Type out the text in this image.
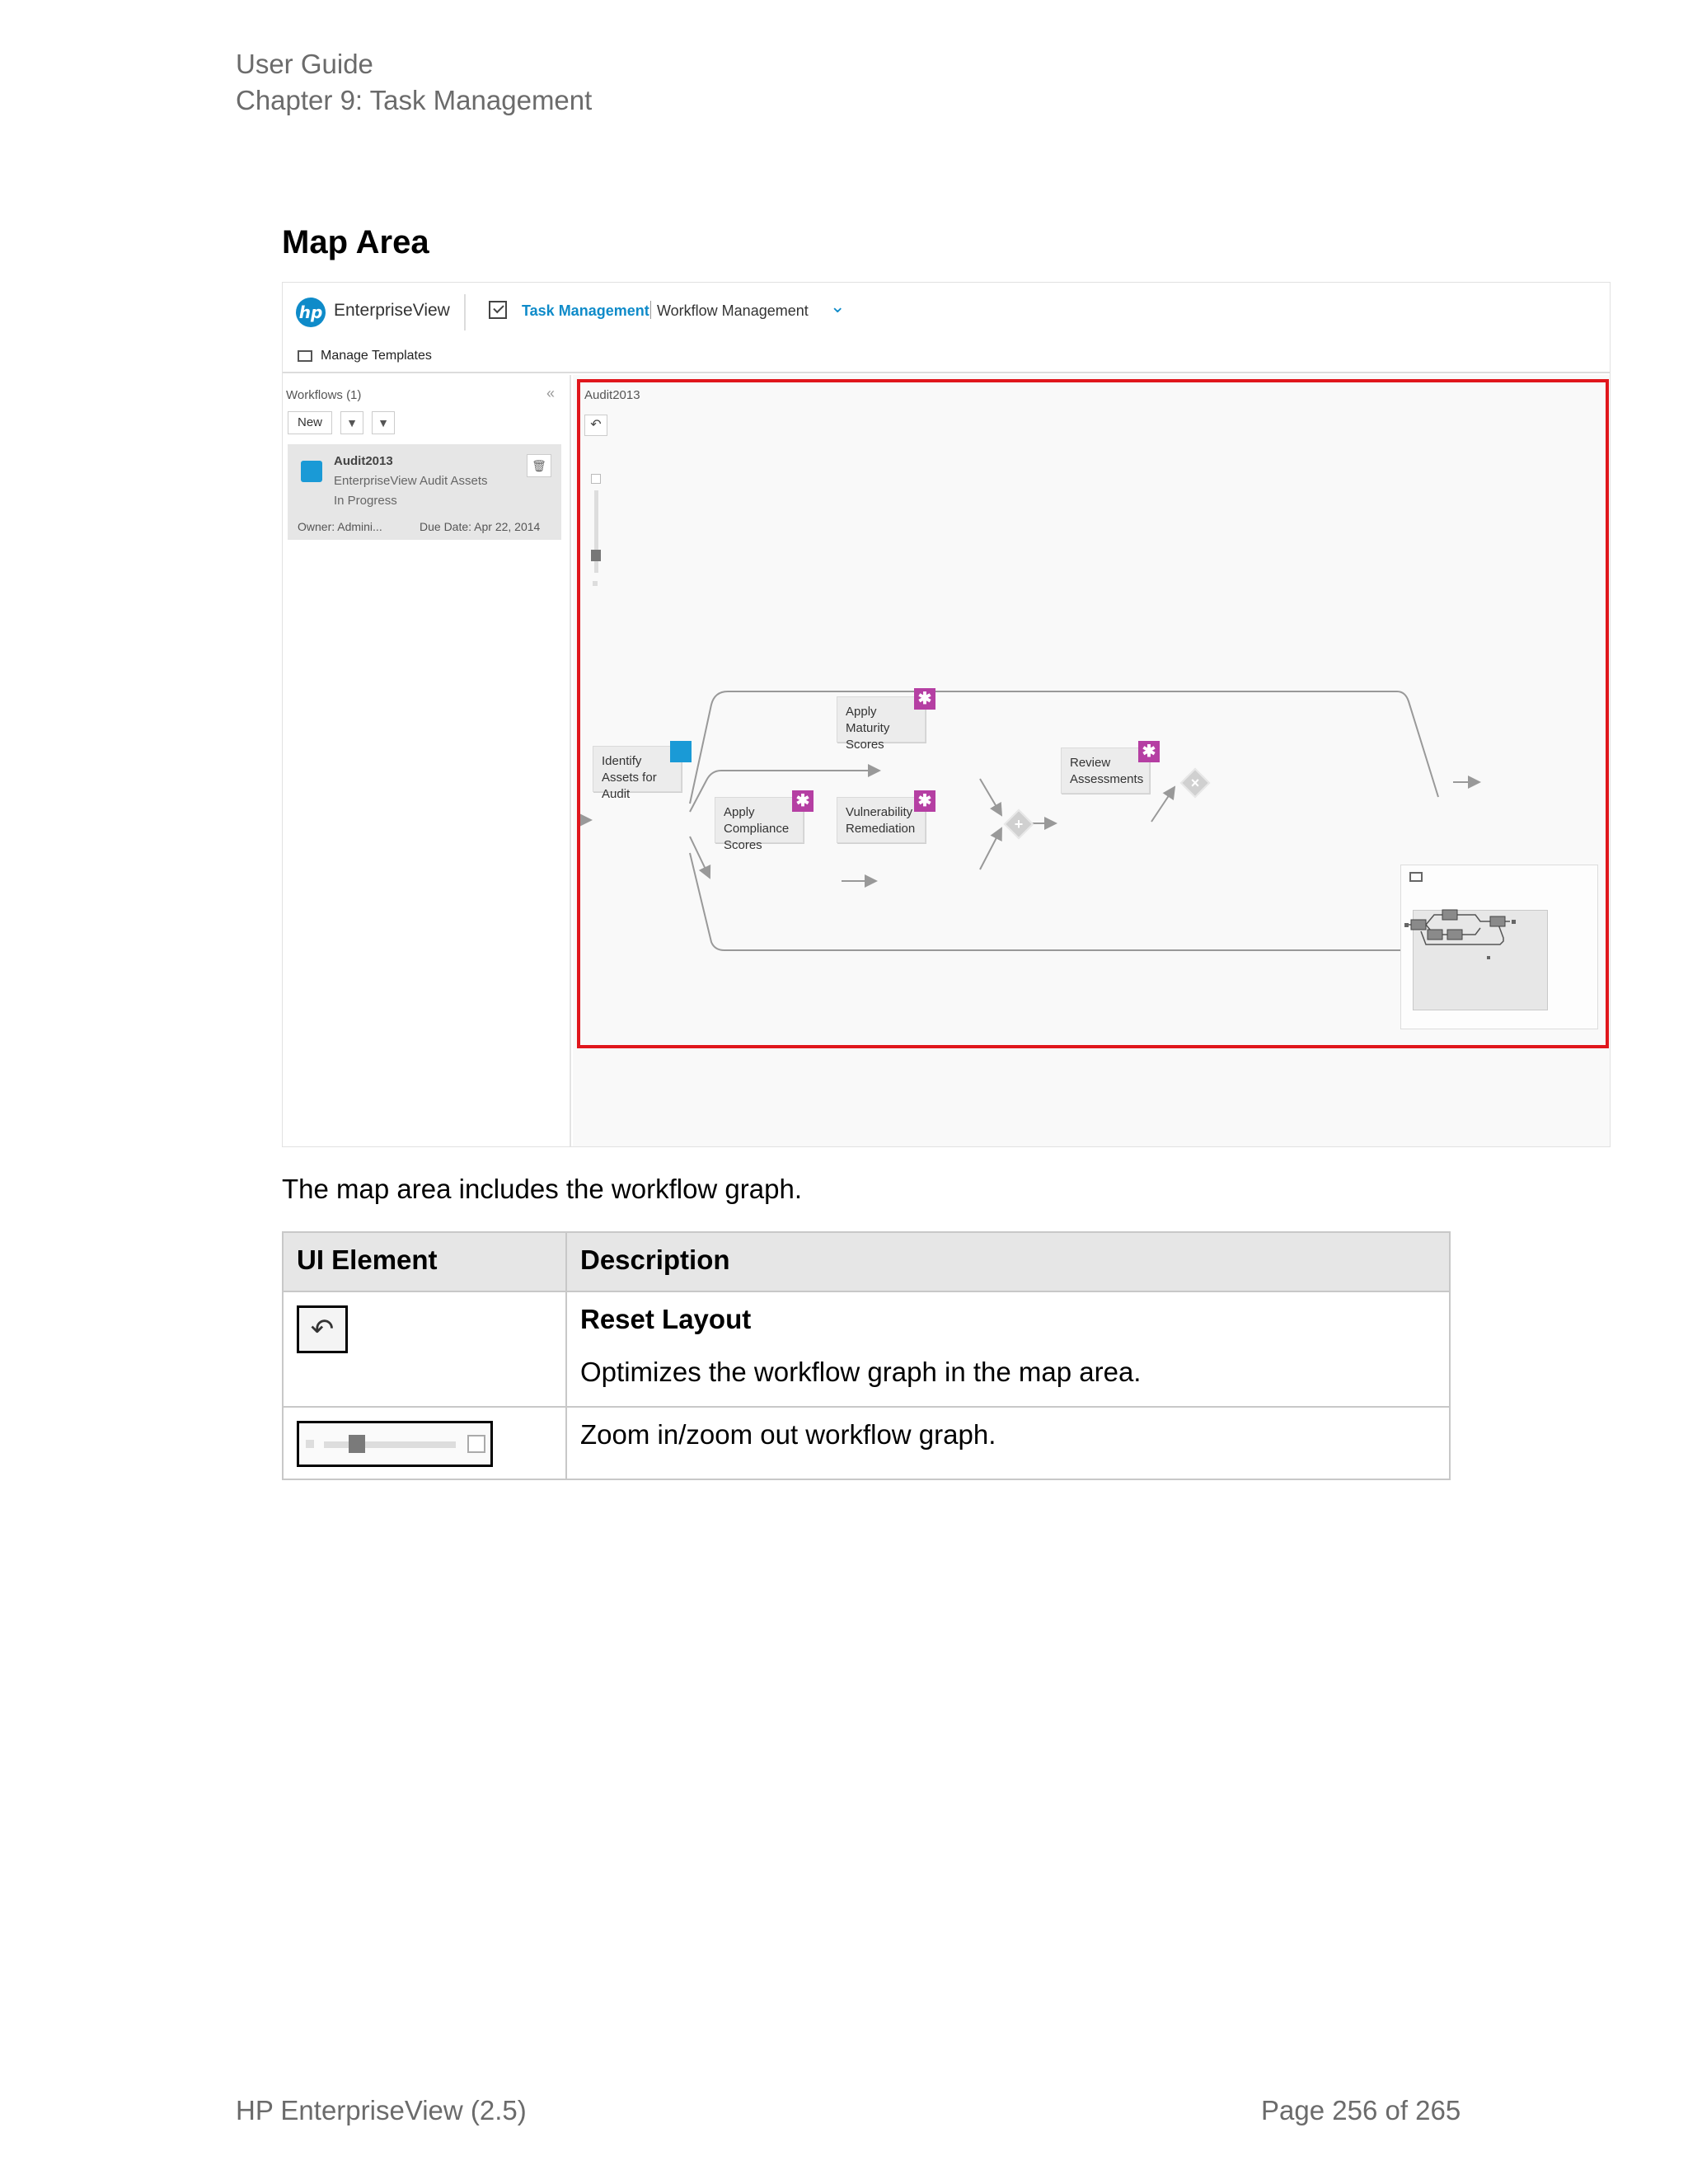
User Guide
Chapter 9: Task Management
Map Area
hp EnterpriseView	Task Management Workflow Management ⌄
Manage Templates
Workflows (1)	«
New	▼	▼
Audit2013
EnterpriseView Audit Assets
In Progress
🗑
Owner: Admini...	Due Date: Apr 22, 2014
Audit2013
↶
Identify Assets for Audit
Apply Maturity Scores
✱
Apply Compliance
Scores
✱
Vulnerability
Remediation
✱
+
Review Assessments
✱
×
The map area includes the workflow graph.
UI Element	Description

↶	Reset Layout
Optimizes the workflow graph in the map area.

	Zoom in/zoom out workflow graph.
HP EnterpriseView (2.5)	Page 256 of 265
